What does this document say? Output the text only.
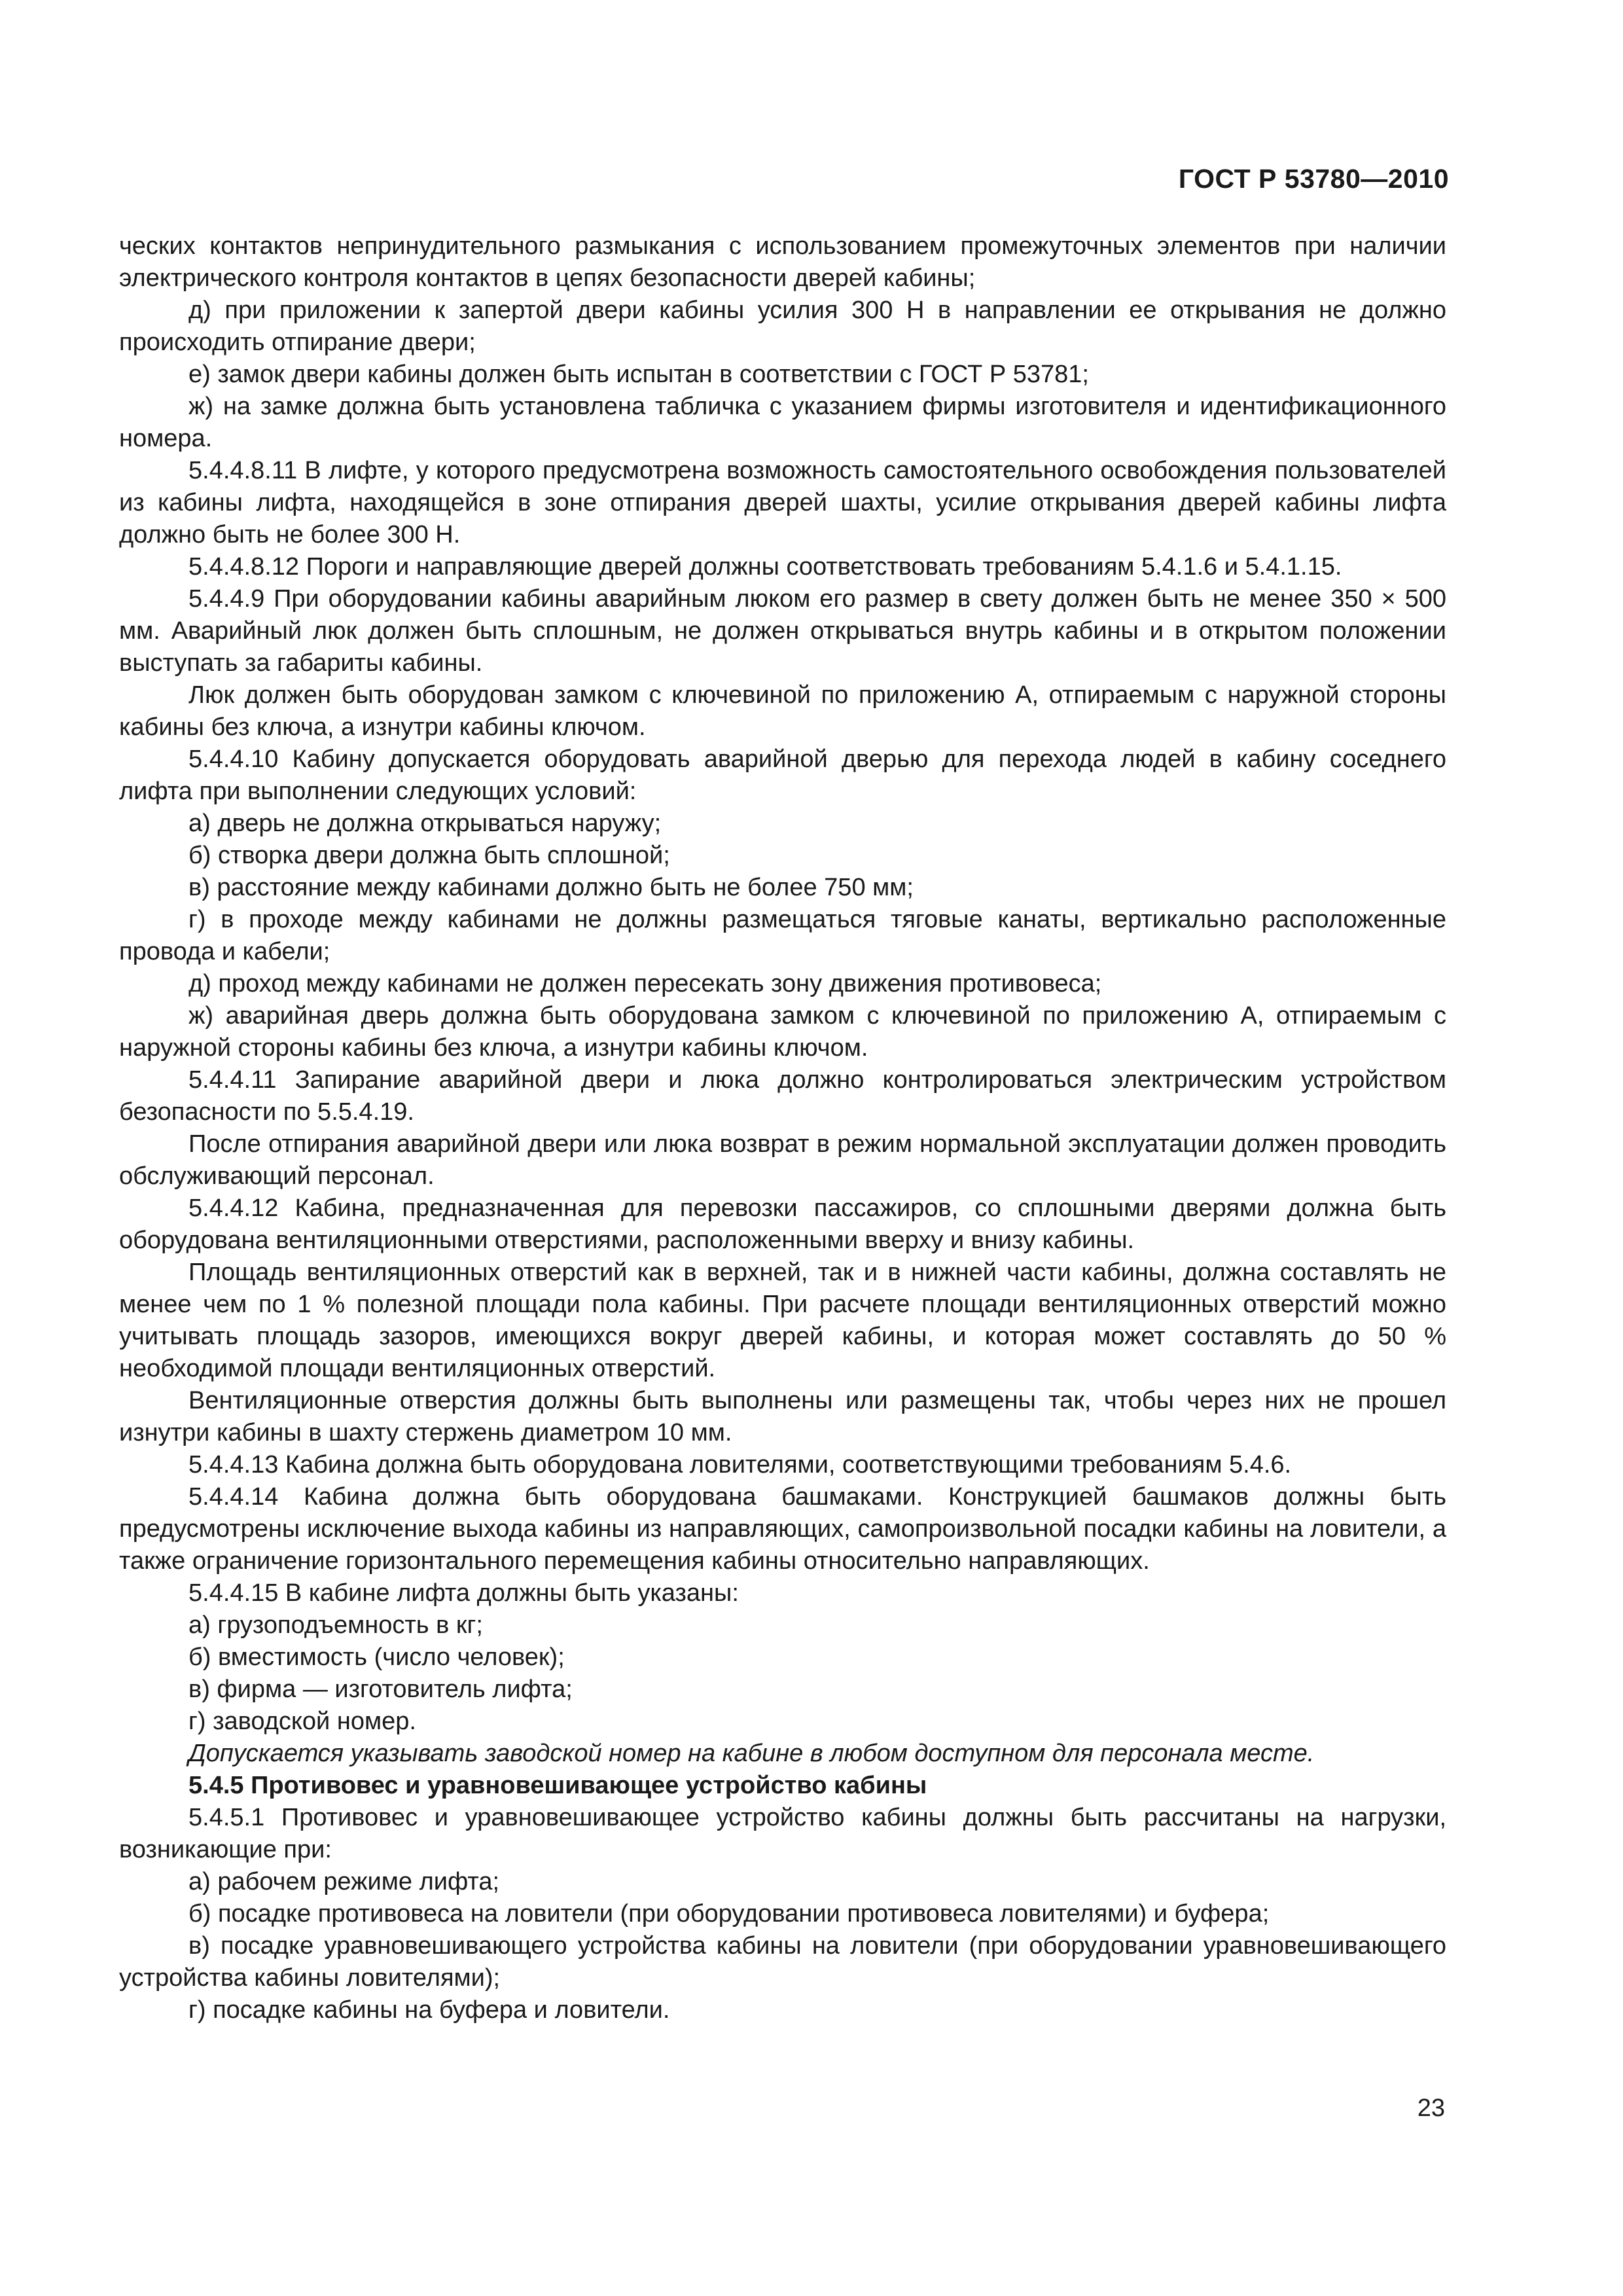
ГОСТ Р 53780—2010

ческих контактов непринудительного размыкания с использованием промежуточных элементов при наличии электрического контроля контактов в цепях безопасности дверей кабины;

д) при приложении к запертой двери кабины усилия 300 Н в направлении ее открывания не должно происходить отпирание двери;

е) замок двери кабины должен быть испытан в соответствии с ГОСТ Р 53781;

ж) на замке должна быть установлена табличка с указанием фирмы изготовителя и идентификационного номера.

5.4.4.8.11 В лифте, у которого предусмотрена возможность самостоятельного освобождения пользователей из кабины лифта, находящейся в зоне отпирания дверей шахты, усилие открывания дверей кабины лифта должно быть не более 300 Н.

5.4.4.8.12 Пороги и направляющие дверей должны соответствовать требованиям 5.4.1.6 и 5.4.1.15.

5.4.4.9 При оборудовании кабины аварийным люком его размер в свету должен быть не менее 350 × 500 мм. Аварийный люк должен быть сплошным, не должен открываться внутрь кабины и в открытом положении выступать за габариты кабины.

Люк должен быть оборудован замком с ключевиной по приложению А, отпираемым с наружной стороны кабины без ключа, а изнутри кабины ключом.

5.4.4.10 Кабину допускается оборудовать аварийной дверью для перехода людей в кабину соседнего лифта при выполнении следующих условий:

а) дверь не должна открываться наружу;

б) створка двери должна быть сплошной;

в) расстояние между кабинами должно быть не более 750 мм;

г) в проходе между кабинами не должны размещаться тяговые канаты, вертикально расположенные провода и кабели;

д) проход между кабинами не должен пересекать зону движения противовеса;

ж) аварийная дверь должна быть оборудована замком с ключевиной по приложению А, отпираемым с наружной стороны кабины без ключа, а изнутри кабины ключом.

5.4.4.11 Запирание аварийной двери и люка должно контролироваться электрическим устройством безопасности по 5.5.4.19.

После отпирания аварийной двери или люка возврат в режим нормальной эксплуатации должен проводить обслуживающий персонал.

5.4.4.12 Кабина, предназначенная для перевозки пассажиров, со сплошными дверями должна быть оборудована вентиляционными отверстиями, расположенными вверху и внизу кабины.

Площадь вентиляционных отверстий как в верхней, так и в нижней части кабины, должна составлять не менее чем по 1 % полезной площади пола кабины. При расчете площади вентиляционных отверстий можно учитывать площадь зазоров, имеющихся вокруг дверей кабины, и которая может составлять до 50 % необходимой площади вентиляционных отверстий.

Вентиляционные отверстия должны быть выполнены или размещены так, чтобы через них не прошел изнутри кабины в шахту стержень диаметром 10 мм.

5.4.4.13 Кабина должна быть оборудована ловителями, соответствующими требованиям 5.4.6.

5.4.4.14 Кабина должна быть оборудована башмаками. Конструкцией башмаков должны быть предусмотрены исключение выхода кабины из направляющих, самопроизвольной посадки кабины на ловители, а также ограничение горизонтального перемещения кабины относительно направляющих.

5.4.4.15 В кабине лифта должны быть указаны:

а) грузоподъемность в кг;

б) вместимость (число человек);

в) фирма — изготовитель лифта;

г) заводской номер.

Допускается указывать заводской номер на кабине в любом доступном для персонала месте.

5.4.5 Противовес и уравновешивающее устройство кабины

5.4.5.1 Противовес и уравновешивающее устройство кабины должны быть рассчитаны на нагрузки, возникающие при:

а) рабочем режиме лифта;

б) посадке противовеса на ловители (при оборудовании противовеса ловителями) и буфера;

в) посадке уравновешивающего устройства кабины на ловители (при оборудовании уравновешивающего устройства кабины ловителями);

г) посадке кабины на буфера и ловители.

23
